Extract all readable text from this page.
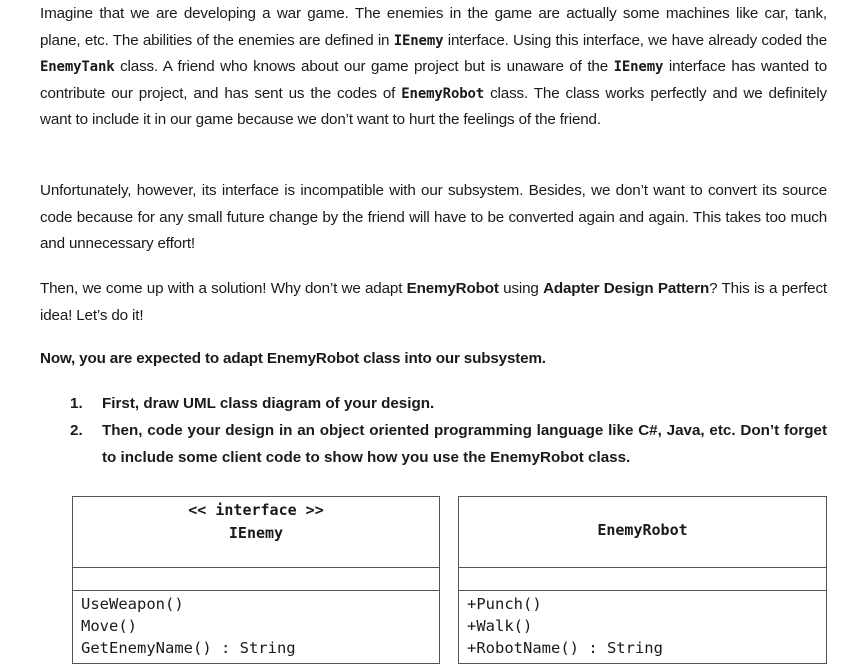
Imagine that we are developing a war game. The enemies in the game are actually some machines like car, tank, plane, etc. The abilities of the enemies are defined in IEnemy interface. Using this interface, we have already coded the EnemyTank class. A friend who knows about our game project but is unaware of the IEnemy interface has wanted to contribute our project, and has sent us the codes of EnemyRobot class. The class works perfectly and we definitely want to include it in our game because we don’t want to hurt the feelings of the friend.

Unfortunately, however, its interface is incompatible with our subsystem. Besides, we don’t want to convert its source code because for any small future change by the friend will have to be converted again and again. This takes too much and unnecessary effort!

Then, we come up with a solution! Why don’t we adapt EnemyRobot using Adapter Design Pattern? This is a perfect idea! Let’s do it!

Now, you are expected to adapt EnemyRobot class into our subsystem.

1. First, draw UML class diagram of your design.
2. Then, code your design in an object oriented programming language like C#, Java, etc. Don’t forget to include some client code to show how you use the EnemyRobot class.
<< interface >>
IEnemy
UseWeapon()
Move()
GetEnemyName() : String
EnemyRobot
+Punch()
+Walk()
+RobotName() : String
